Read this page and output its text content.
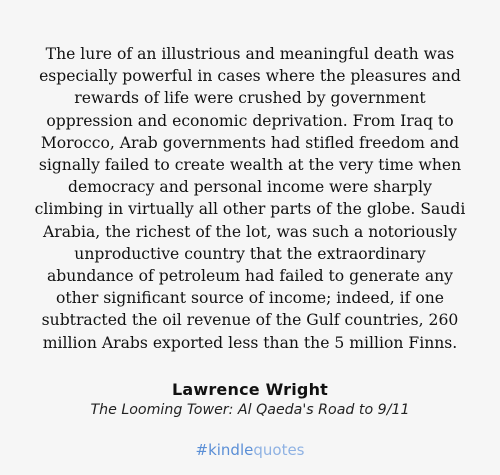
The lure of an illustrious and meaningful death was
especially powerful in cases where the pleasures and
rewards of life were crushed by government
oppression and economic deprivation. From Iraq to
Morocco, Arab governments had stifled freedom and
signally failed to create wealth at the very time when
democracy and personal income were sharply
climbing in virtually all other parts of the globe. Saudi
Arabia, the richest of the lot, was such a notoriously
unproductive country that the extraordinary
abundance of petroleum had failed to generate any
other significant source of income; indeed, if one
subtracted the oil revenue of the Gulf countries, 260
million Arabs exported less than the 5 million Finns.
Lawrence Wright
The Looming Tower: Al Qaeda's Road to 9/11
#kindlequotes
